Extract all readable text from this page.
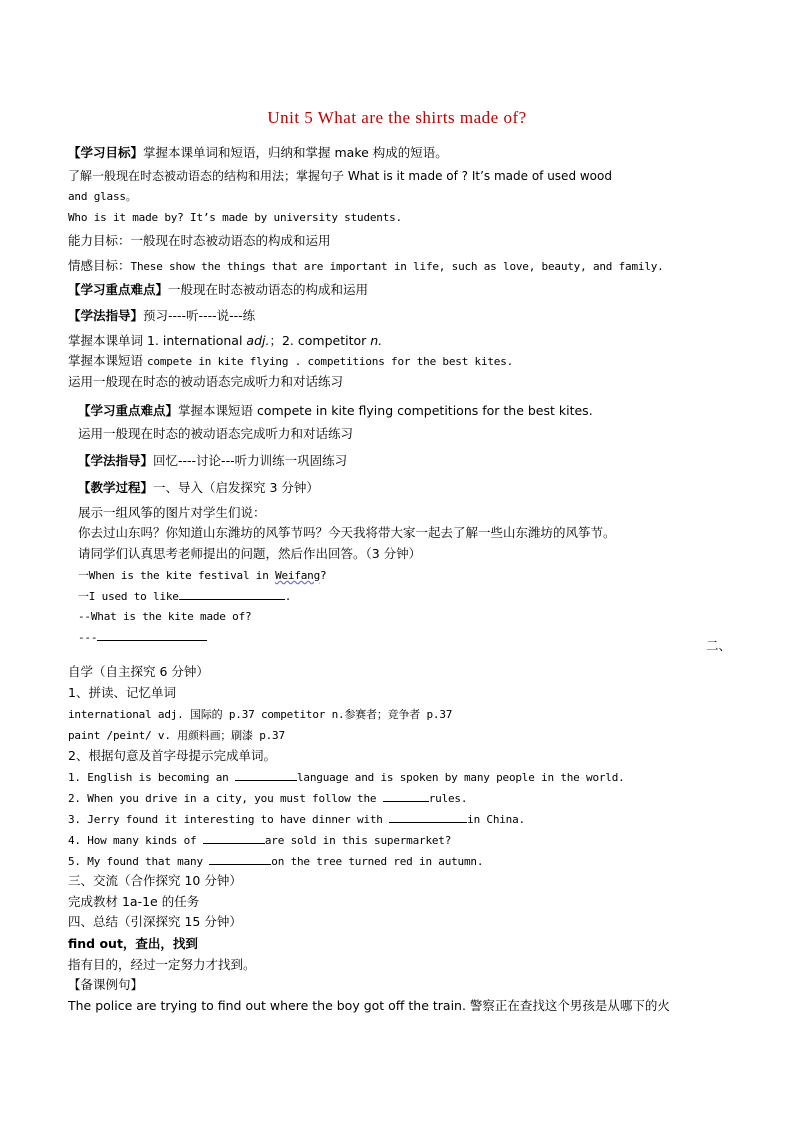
Unit 5 What are the shirts made of?
【学习目标】掌握本课单词和短语，归纳和掌握 make 构成的短语。
了解一般现在时态被动语态的结构和用法；掌握句子 What is it made of ? It’s made of used wood
and glass。
Who is it made by? It’s made by university students.
能力目标：一般现在时态被动语态的构成和运用
情感目标：These show the things that are important in life, such as love, beauty, and family.
【学习重点难点】一般现在时态被动语态的构成和运用
【学法指导】预习----听----说---练
掌握本课单词 1. international adj.；2. competitor n.
掌握本课短语 compete in kite flying . competitions for the best kites.
运用一般现在时态的被动语态完成听力和对话练习
【学习重点难点】掌握本课短语 compete in kite flying competitions for the best kites.
运用一般现在时态的被动语态完成听力和对话练习
【学法指导】回忆----讨论---听力训练一巩固练习
【教学过程】一、导入（启发探究 3 分钟）
展示一组风筝的图片对学生们说：
你去过山东吗？你知道山东潍坊的风筝节吗？今天我将带大家一起去了解一些山东潍坊的风筝节。
请同学们认真思考老师提出的问题，然后作出回答。（3 分钟）
一When is the kite festival in Weifang?
一I used to like	.
--What is the kite made of?
---
二、
自学（自主探究 6 分钟）
1、拼读、记忆单词
international adj. 国际的 p.37 competitor n.参赛者；竞争者 p.37
paint /peint/ v. 用颜料画；刷漆 p.37
2、根据句意及首字母提示完成单词。
1. English is becoming an	language and is spoken by many people in the world.
2. When you drive in a city, you must follow the	rules.
3. Jerry found it interesting to have dinner with	in China.
4. How many kinds of	are sold in this supermarket?
5. My found that many	on the tree turned red in autumn.
三、交流（合作探究 10 分钟）
完成教材 1a-1e 的任务
四、总结（引深探究 15 分钟）
find out，查出，找到
指有目的，经过一定努力才找到。
【备课例句】
The police are trying to find out where the boy got off the train. 警察正在查找这个男孩是从哪下的火
